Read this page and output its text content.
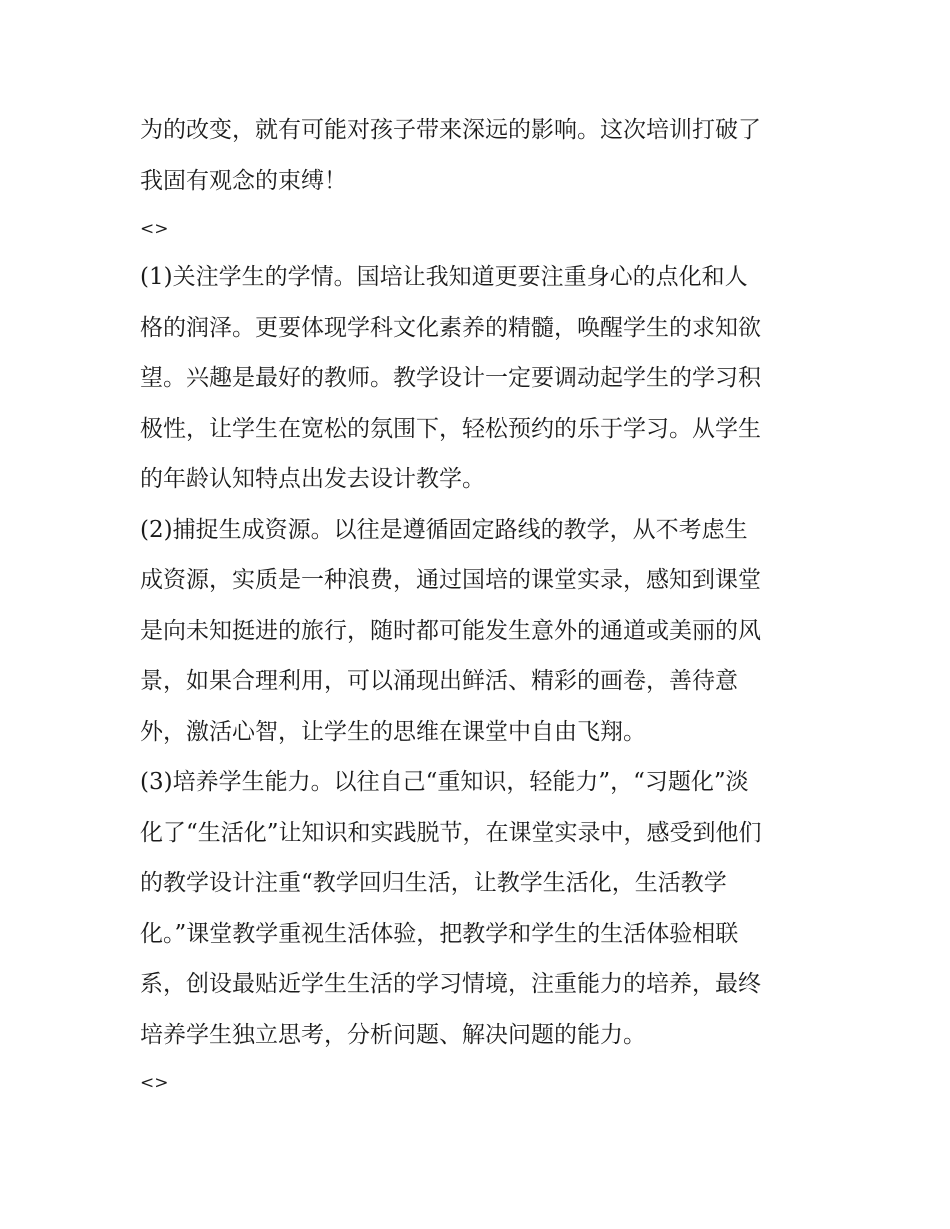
为的改变，就有可能对孩子带来深远的影响。这次培训打破了
我固有观念的束缚！
<>
(1)关注学生的学情。国培让我知道更要注重身心的点化和人
格的润泽。更要体现学科文化素养的精髓，唤醒学生的求知欲
望。兴趣是最好的教师。教学设计一定要调动起学生的学习积
极性，让学生在宽松的氛围下，轻松预约的乐于学习。从学生
的年龄认知特点出发去设计教学。
(2)捕捉生成资源。以往是遵循固定路线的教学，从不考虑生
成资源，实质是一种浪费，通过国培的课堂实录，感知到课堂
是向未知挺进的旅行，随时都可能发生意外的通道或美丽的风
景，如果合理利用，可以涌现出鲜活、精彩的画卷，善待意
外，激活心智，让学生的思维在课堂中自由飞翔。
(3)培养学生能力。以往自己“重知识，轻能力”，“习题化”淡
化了“生活化”让知识和实践脱节，在课堂实录中，感受到他们
的教学设计注重“教学回归生活，让教学生活化，生活教学
化。”课堂教学重视生活体验，把教学和学生的生活体验相联
系，创设最贴近学生生活的学习情境，注重能力的培养，最终
培养学生独立思考，分析问题、解决问题的能力。
<>
